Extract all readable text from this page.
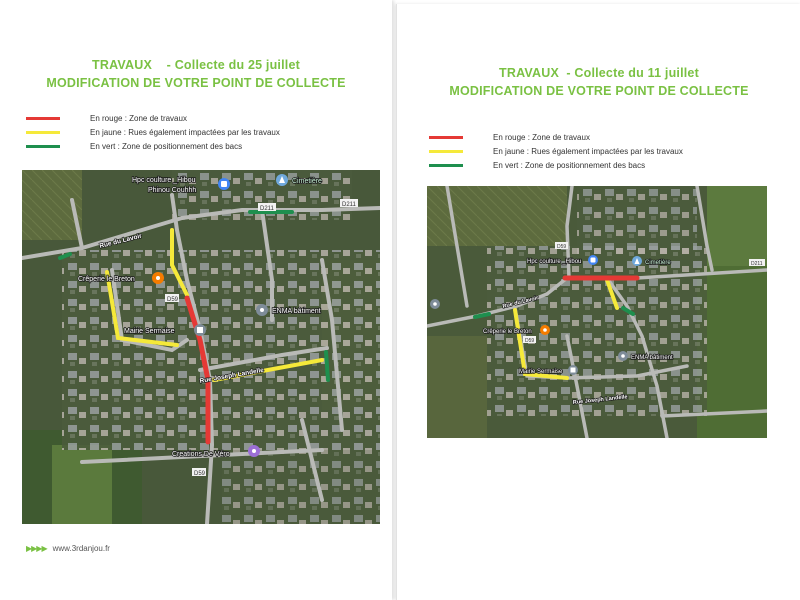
TRAVAUX    - Collecte du 25 juillet
MODIFICATION DE VOTRE POINT DE COLLECTE
En rouge : Zone de travaux
En jaune : Rues également impactées par les travaux
En vert : Zone de positionnement des bacs
Hpc coulture _Hibou
Phinou Couhhh
Cimetière
Crêperie le Breton
Mairie Sermaise
ENMA bâtiment
Creations De Véro
Rue du Lavoir
Rue Joseph Landelle
D211
D211
D59
D59
▶▶▶▶ www.3rdanjou.fr
TRAVAUX  - Collecte du 11 juillet
MODIFICATION DE VOTRE POINT DE COLLECTE
En rouge : Zone de travaux
En jaune : Rues également impactées par les travaux
En vert : Zone de positionnement des bacs
Hpc coulture _Hibou	Cimetière
Crêperie le Breton
ENMA bâtiment
Mairie Sermaise
Rue du Lavoir
Rue Joseph Landelle
D59
D59
D211
